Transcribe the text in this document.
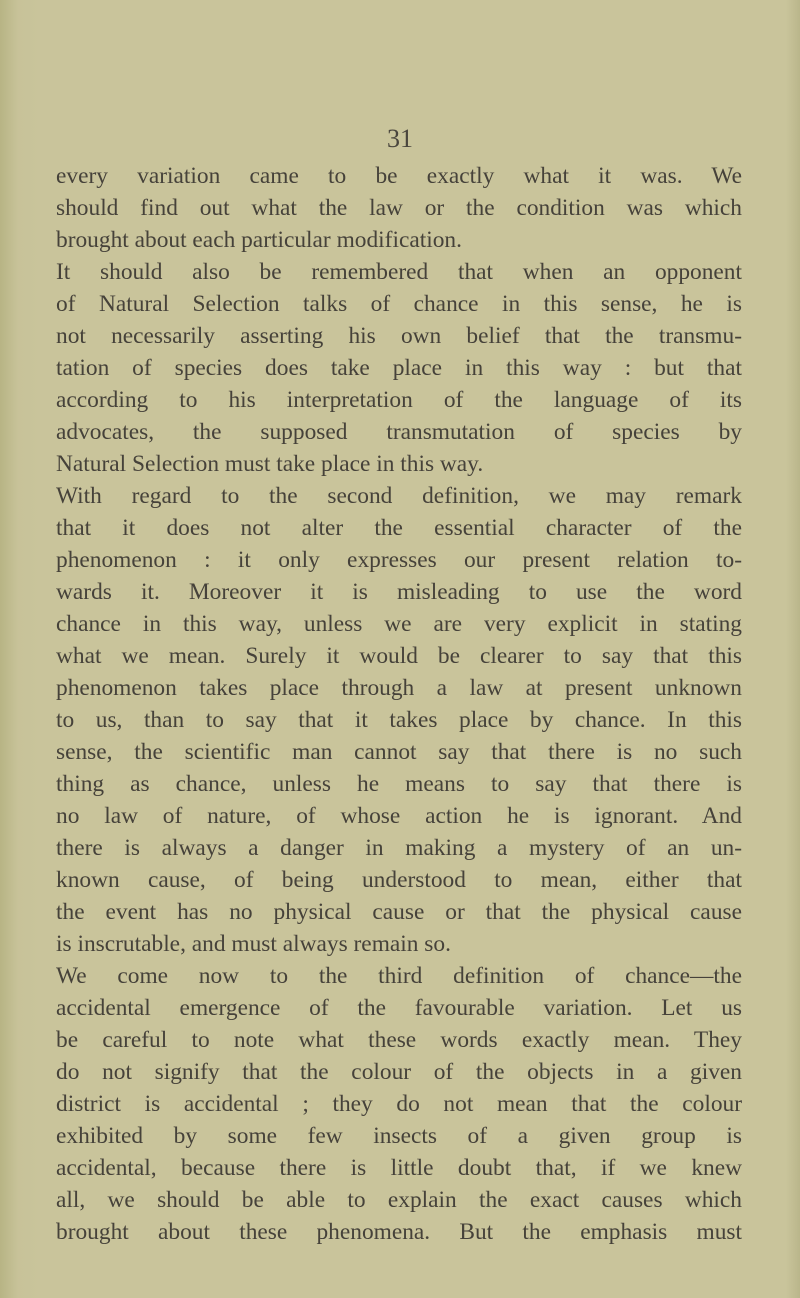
31
every variation came to be exactly what it was. We
should find out what the law or the condition was which
brought about each particular modification.
It should also be remembered that when an opponent
of Natural Selection talks of chance in this sense, he is
not necessarily asserting his own belief that the transmu-
tation of species does take place in this way : but that
according to his interpretation of the language of its
advocates, the supposed transmutation of species by
Natural Selection must take place in this way.
With regard to the second definition, we may remark
that it does not alter the essential character of the
phenomenon : it only expresses our present relation to-
wards it. Moreover it is misleading to use the word
chance in this way, unless we are very explicit in stating
what we mean. Surely it would be clearer to say that this
phenomenon takes place through a law at present unknown
to us, than to say that it takes place by chance. In this
sense, the scientific man cannot say that there is no such
thing as chance, unless he means to say that there is
no law of nature, of whose action he is ignorant. And
there is always a danger in making a mystery of an un-
known cause, of being understood to mean, either that
the event has no physical cause or that the physical cause
is inscrutable, and must always remain so.
We come now to the third definition of chance—the
accidental emergence of the favourable variation. Let us
be careful to note what these words exactly mean. They
do not signify that the colour of the objects in a given
district is accidental ; they do not mean that the colour
exhibited by some few insects of a given group is
accidental, because there is little doubt that, if we knew
all, we should be able to explain the exact causes which
brought about these phenomena. But the emphasis must
